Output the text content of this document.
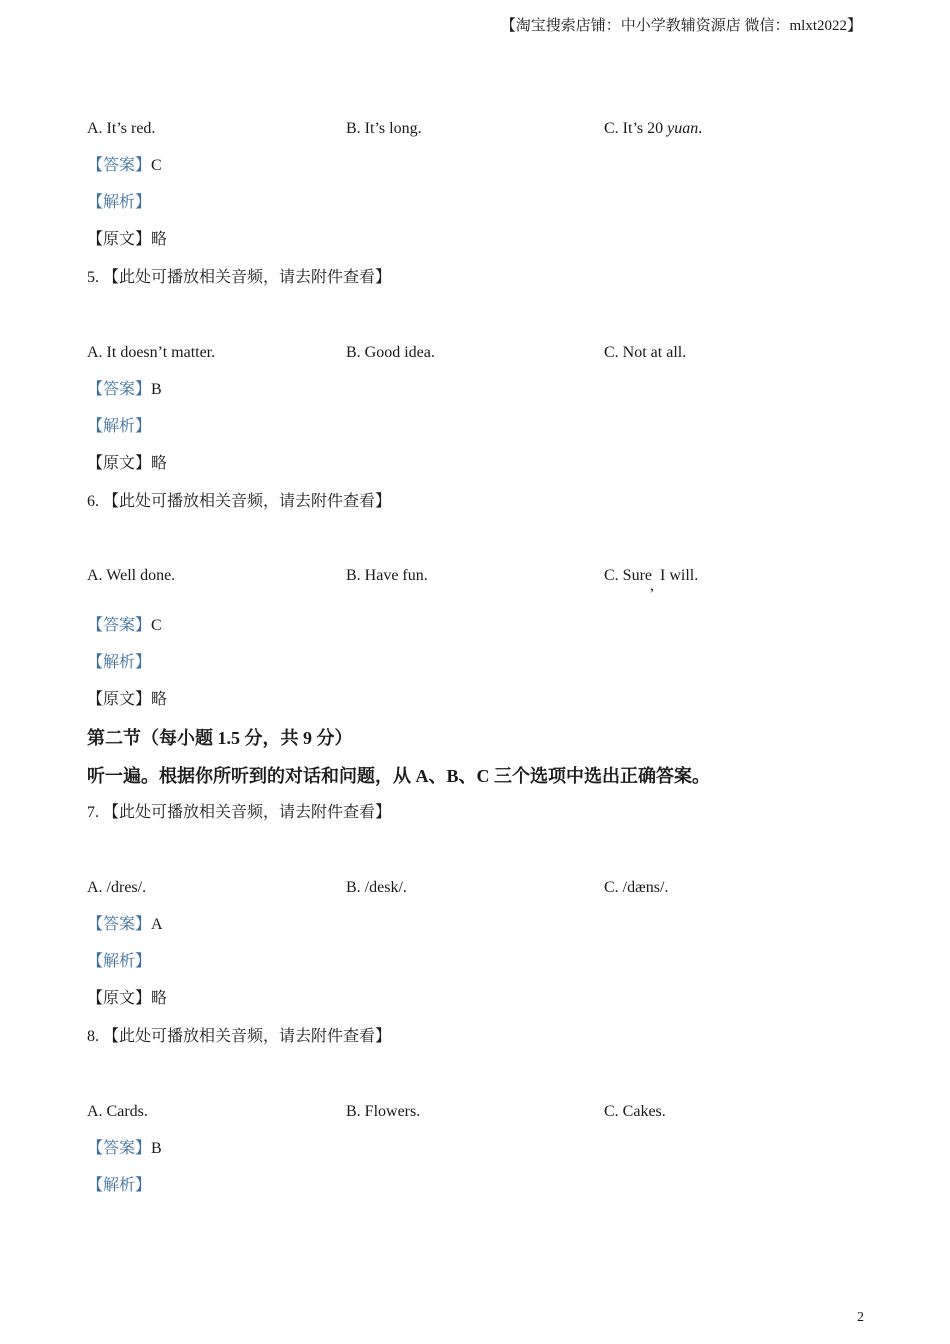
【淘宝搜索店铺：中小学教辅资源店 微信：mlxt2022】
A. It’s red.	B. It’s long.	C. It’s 20 yuan.
【答案】C
【解析】
【原文】略
5. 【此处可播放相关音频，请去附件查看】
A. It doesn’t matter.	B. Good idea.	C. Not at all.
【答案】B
【解析】
【原文】略
6. 【此处可播放相关音频，请去附件查看】
A. Well done.	B. Have fun.	C. Sure,I will.
【答案】C
【解析】
【原文】略
第二节（每小题 1.5 分，共 9 分）
听一遍。根据你所听到的对话和问题，从 A、B、C 三个选项中选出正确答案。
7. 【此处可播放相关音频，请去附件查看】
A. /dres/.	B. /desk/.	C. /dæns/.
【答案】A
【解析】
【原文】略
8. 【此处可播放相关音频，请去附件查看】
A. Cards.	B. Flowers.	C. Cakes.
【答案】B
【解析】
2
